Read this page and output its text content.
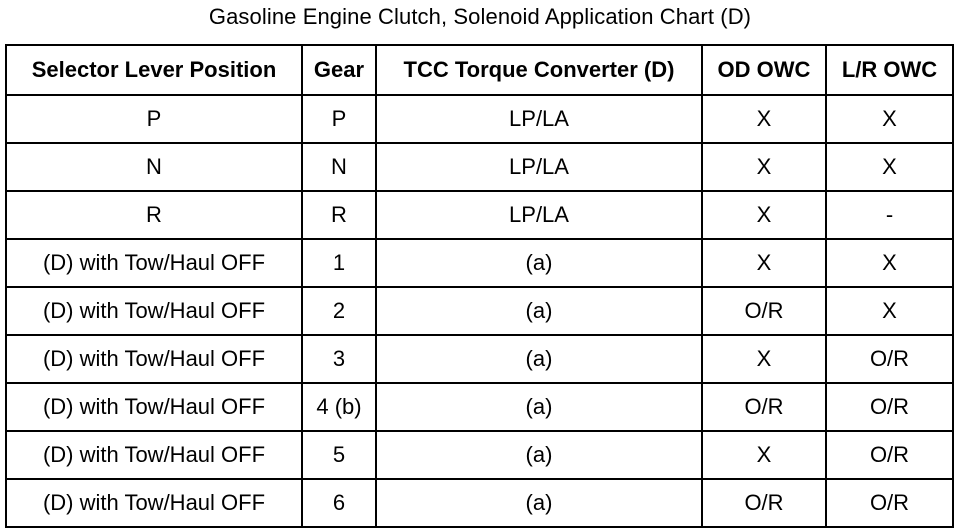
Gasoline Engine Clutch, Solenoid Application Chart (D)
Selector Lever Position	Gear	TCC Torque Converter (D)	OD OWC	L/R OWC
P	P	LP/LA	X	X
N	N	LP/LA	X	X
R	R	LP/LA	X	-
(D) with Tow/Haul OFF	1	(a)	X	X
(D) with Tow/Haul OFF	2	(a)	O/R	X
(D) with Tow/Haul OFF	3	(a)	X	O/R
(D) with Tow/Haul OFF	4 (b)	(a)	O/R	O/R
(D) with Tow/Haul OFF	5	(a)	X	O/R
(D) with Tow/Haul OFF	6	(a)	O/R	O/R
